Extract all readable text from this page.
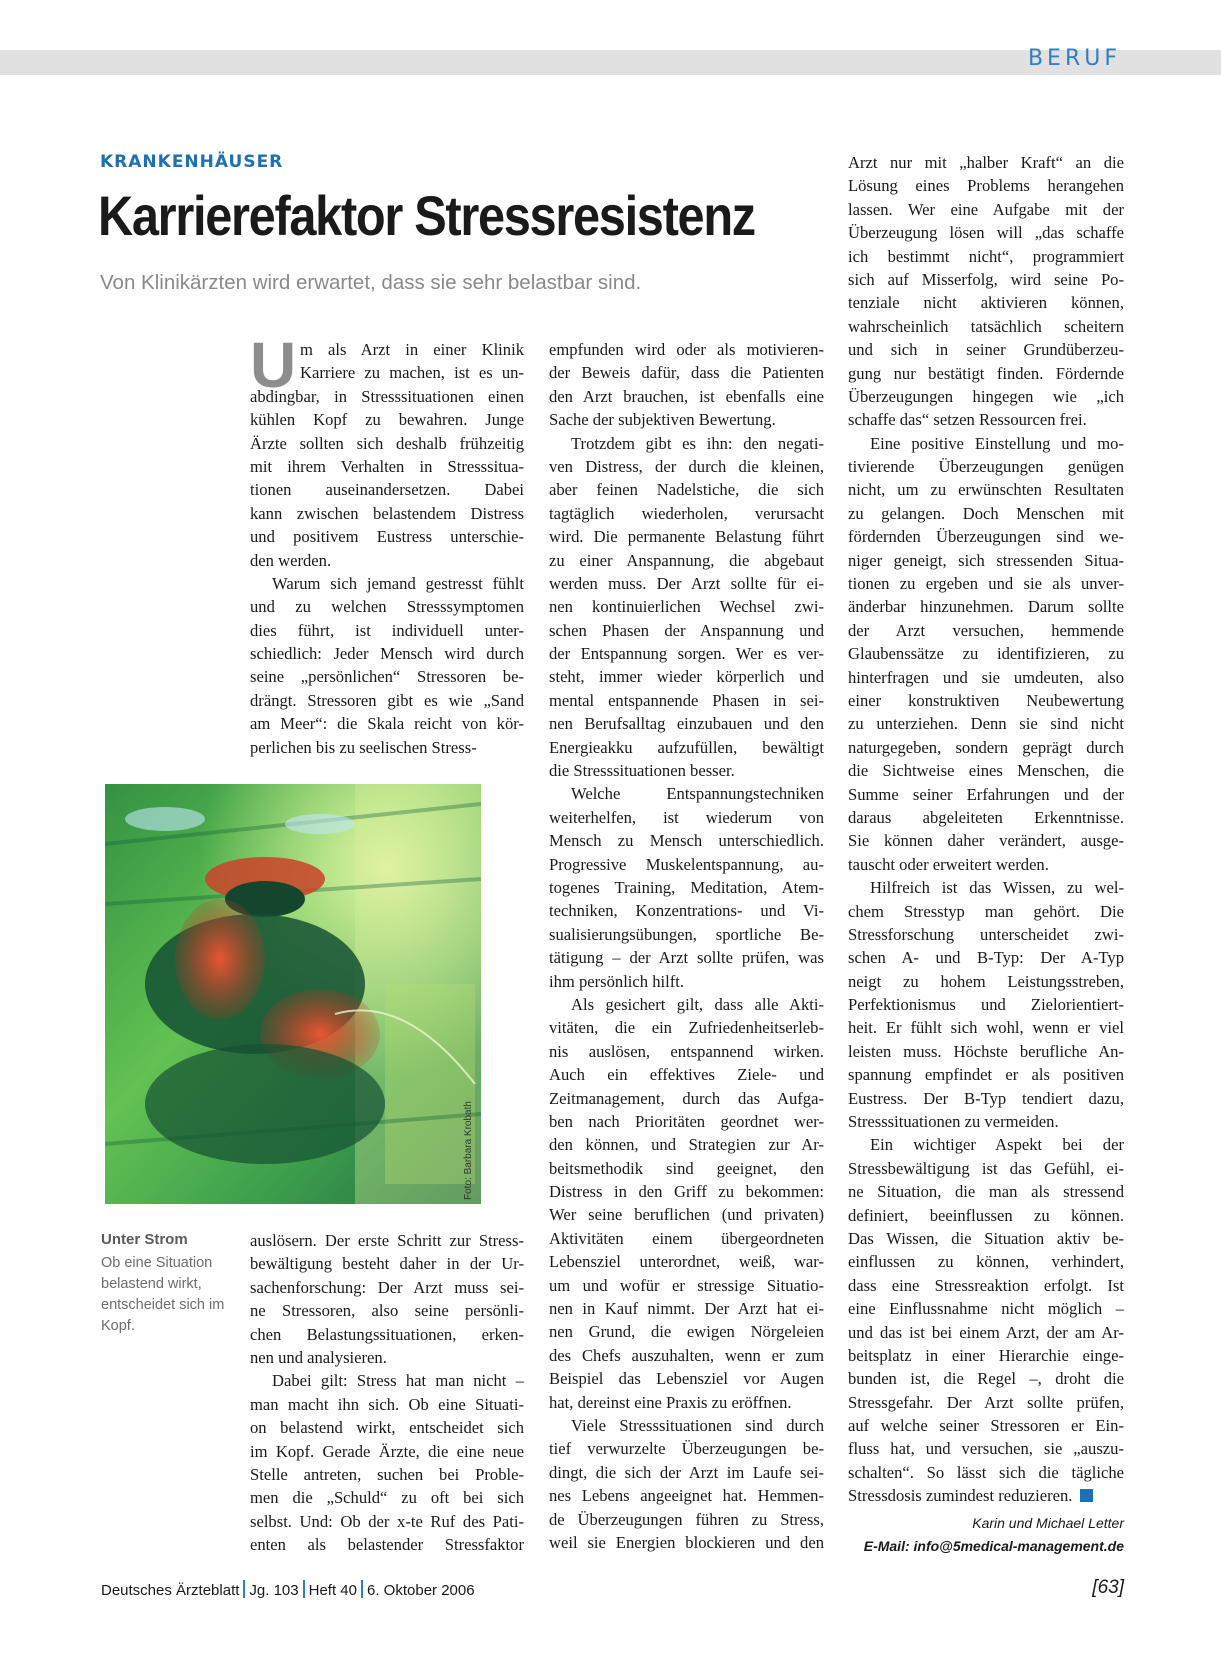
BERUF
KRANKENHÄUSER
Karrierefaktor Stressresistenz
Von Klinikärzten wird erwartet, dass sie sehr belastbar sind.
U m als Arzt in einer Klinik
Karriere zu machen, ist es un-
abdingbar, in Stresssituationen einen
kühlen Kopf zu bewahren. Junge
Ärzte sollten sich deshalb frühzeitig
mit ihrem Verhalten in Stresssitua-
tionen auseinandersetzen. Dabei
kann zwischen belastendem Distress
und positivem Eustress unterschie-
den werden.
Warum sich jemand gestresst fühlt
und zu welchen Stresssymptomen
dies führt, ist individuell unter-
schiedlich: Jeder Mensch wird durch
seine „persönlichen“ Stressoren be-
drängt. Stressoren gibt es wie „Sand
am Meer“: die Skala reicht von kör-
perlichen bis zu seelischen Stress-
auslösern. Der erste Schritt zur Stress-
bewältigung besteht daher in der Ur-
sachenforschung: Der Arzt muss sei-
ne Stressoren, also seine persönli-
chen Belastungssituationen, erken-
nen und analysieren.
Dabei gilt: Stress hat man nicht –
man macht ihn sich. Ob eine Situati-
on belastend wirkt, entscheidet sich
im Kopf. Gerade Ärzte, die eine neue
Stelle antreten, suchen bei Proble-
men die „Schuld“ zu oft bei sich
selbst. Und: Ob der x-te Ruf des Pati-
enten als belastender Stressfaktor
empfunden wird oder als motivieren-
der Beweis dafür, dass die Patienten
den Arzt brauchen, ist ebenfalls eine
Sache der subjektiven Bewertung.
Trotzdem gibt es ihn: den negati-
ven Distress, der durch die kleinen,
aber feinen Nadelstiche, die sich
tagtäglich wiederholen, verursacht
wird. Die permanente Belastung führt
zu einer Anspannung, die abgebaut
werden muss. Der Arzt sollte für ei-
nen kontinuierlichen Wechsel zwi-
schen Phasen der Anspannung und
der Entspannung sorgen. Wer es ver-
steht, immer wieder körperlich und
mental entspannende Phasen in sei-
nen Berufsalltag einzubauen und den
Energieakku aufzufüllen, bewältigt
die Stresssituationen besser.
Welche Entspannungstechniken
weiterhelfen, ist wiederum von
Mensch zu Mensch unterschiedlich.
Progressive Muskelentspannung, au-
togenes Training, Meditation, Atem-
techniken, Konzentrations- und Vi-
sualisierungsübungen, sportliche Be-
tätigung – der Arzt sollte prüfen, was
ihm persönlich hilft.
Als gesichert gilt, dass alle Akti-
vitäten, die ein Zufriedenheitserleb-
nis auslösen, entspannend wirken.
Auch ein effektives Ziele- und
Zeitmanagement, durch das Aufga-
ben nach Prioritäten geordnet wer-
den können, und Strategien zur Ar-
beitsmethodik sind geeignet, den
Distress in den Griff zu bekommen:
Wer seine beruflichen (und privaten)
Aktivitäten einem übergeordneten
Lebensziel unterordnet, weiß, war-
um und wofür er stressige Situatio-
nen in Kauf nimmt. Der Arzt hat ei-
nen Grund, die ewigen Nörgeleien
des Chefs auszuhalten, wenn er zum
Beispiel das Lebensziel vor Augen
hat, dereinst eine Praxis zu eröffnen.
Viele Stresssituationen sind durch
tief verwurzelte Überzeugungen be-
dingt, die sich der Arzt im Laufe sei-
nes Lebens angeeignet hat. Hemmen-
de Überzeugungen führen zu Stress,
weil sie Energien blockieren und den
Arzt nur mit „halber Kraft“ an die
Lösung eines Problems herangehen
lassen. Wer eine Aufgabe mit der
Überzeugung lösen will „das schaffe
ich bestimmt nicht“, programmiert
sich auf Misserfolg, wird seine Po-
tenziale nicht aktivieren können,
wahrscheinlich tatsächlich scheitern
und sich in seiner Grundüberzeu-
gung nur bestätigt finden. Fördernde
Überzeugungen hingegen wie „ich
schaffe das“ setzen Ressourcen frei.
Eine positive Einstellung und mo-
tivierende Überzeugungen genügen
nicht, um zu erwünschten Resultaten
zu gelangen. Doch Menschen mit
fördernden Überzeugungen sind we-
niger geneigt, sich stressenden Situa-
tionen zu ergeben und sie als unver-
änderbar hinzunehmen. Darum sollte
der Arzt versuchen, hemmende
Glaubenssätze zu identifizieren, zu
hinterfragen und sie umdeuten, also
einer konstruktiven Neubewertung
zu unterziehen. Denn sie sind nicht
naturgegeben, sondern geprägt durch
die Sichtweise eines Menschen, die
Summe seiner Erfahrungen und der
daraus abgeleiteten Erkenntnisse.
Sie können daher verändert, ausge-
tauscht oder erweitert werden.
Hilfreich ist das Wissen, zu wel-
chem Stresstyp man gehört. Die
Stressforschung unterscheidet zwi-
schen A- und B-Typ: Der A-Typ
neigt zu hohem Leistungsstreben,
Perfektionismus und Zielorientiert-
heit. Er fühlt sich wohl, wenn er viel
leisten muss. Höchste berufliche An-
spannung empfindet er als positiven
Eustress. Der B-Typ tendiert dazu,
Stresssituationen zu vermeiden.
Ein wichtiger Aspekt bei der
Stressbewältigung ist das Gefühl, ei-
ne Situation, die man als stressend
definiert, beeinflussen zu können.
Das Wissen, die Situation aktiv be-
einflussen zu können, verhindert,
dass eine Stressreaktion erfolgt. Ist
eine Einflussnahme nicht möglich –
und das ist bei einem Arzt, der am Ar-
beitsplatz in einer Hierarchie einge-
bunden ist, die Regel –, droht die
Stressgefahr. Der Arzt sollte prüfen,
auf welche seiner Stressoren er Ein-
fluss hat, und versuchen, sie „auszu-
schalten“. So lässt sich die tägliche
Stressdosis zumindest reduzieren.
Foto: Barbara Krobath
Unter Strom
Ob eine Situation belastend wirkt, entscheidet sich im Kopf.
Karin und Michael Letter
E-Mail: info@5medical-management.de
Deutsches Ärzteblatt Jg. 103 Heft 40 6. Oktober 2006	[63]
